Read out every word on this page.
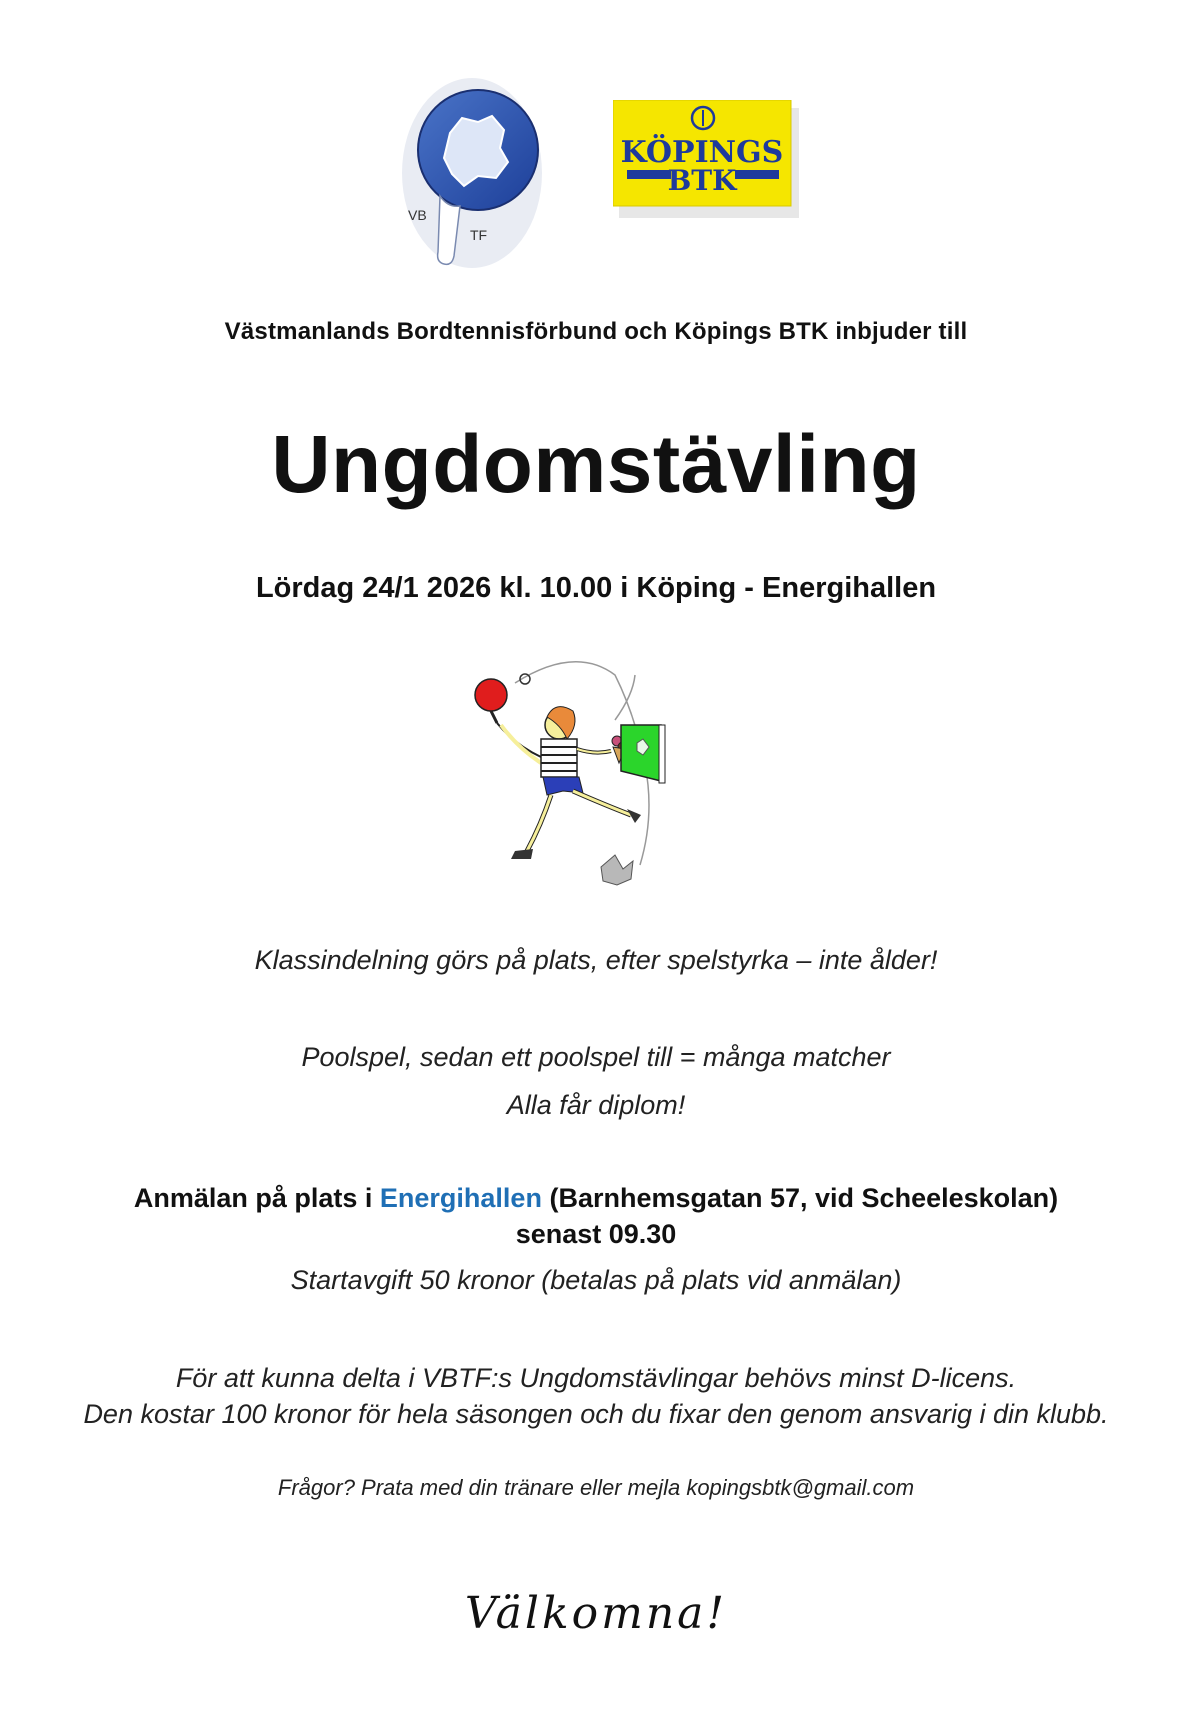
VB
TF
KÖPINGS
BTK
Västmanlands Bordtennisförbund och Köpings BTK inbjuder till
Ungdomstävling
Lördag 24/1 2026 kl. 10.00 i Köping - Energihallen
Klassindelning görs på plats, efter spelstyrka – inte ålder!
Poolspel, sedan ett poolspel till = många matcher
Alla får diplom!
Anmälan på plats i Energihallen (Barnhemsgatan 57, vid Scheeleskolan)
senast 09.30
Startavgift 50 kronor (betalas på plats vid anmälan)
För att kunna delta i VBTF:s Ungdomstävlingar behövs minst D-licens.
Den kostar 100 kronor för hela säsongen och du fixar den genom ansvarig i din klubb.
Frågor? Prata med din tränare eller mejla kopingsbtk@gmail.com
Välkomna!
